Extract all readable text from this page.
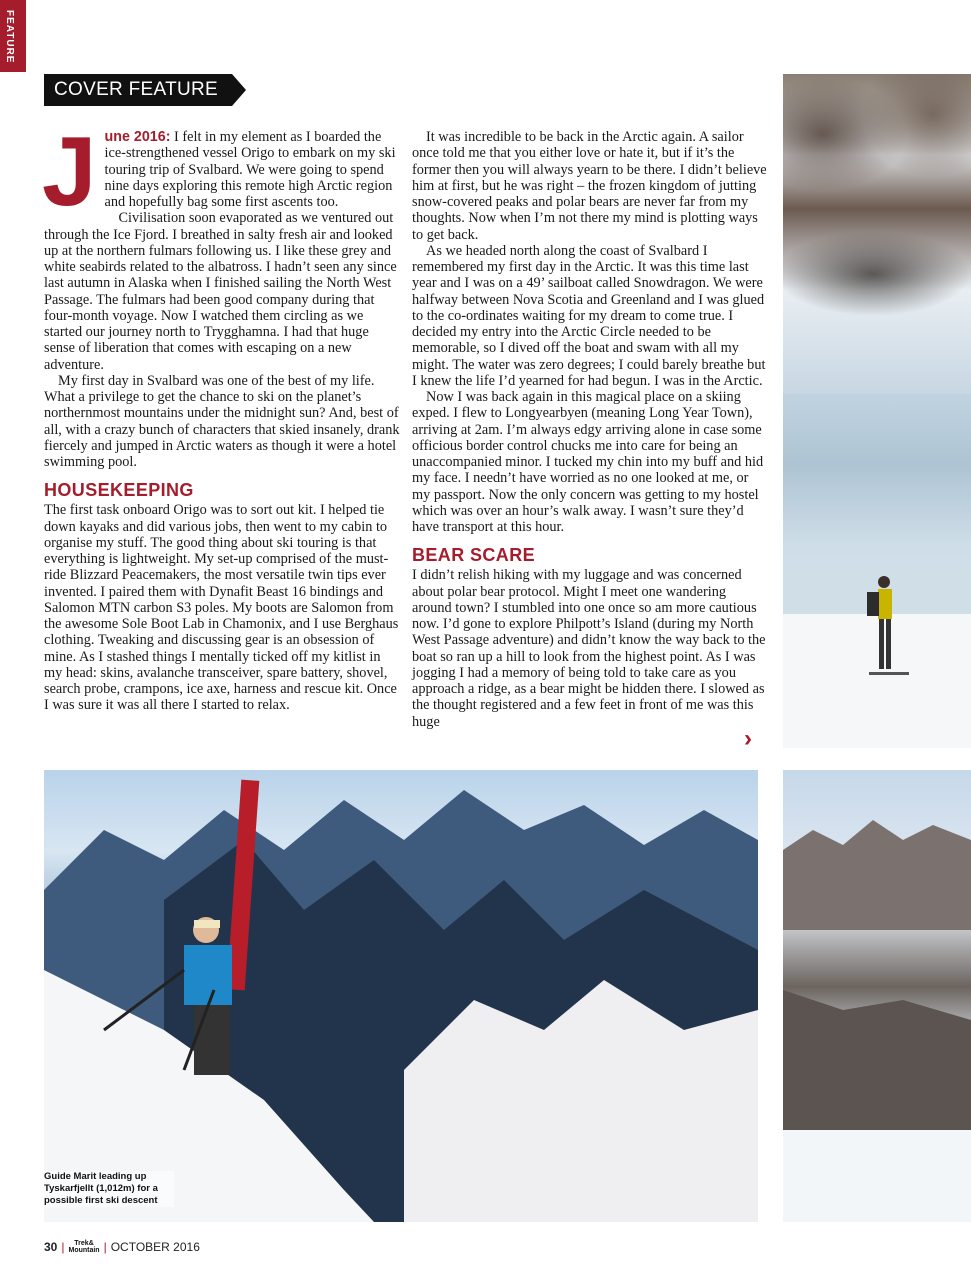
FEATURE
COVER FEATURE

June 2016: I felt in my element as I boarded the ice-strengthened vessel Origo to embark on my ski touring trip of Svalbard. We were going to spend nine days exploring this remote high Arctic region and hopefully bag some first ascents too.

Civilisation soon evaporated as we ventured out through the Ice Fjord. I breathed in salty fresh air and looked up at the northern fulmars following us. I like these grey and white seabirds related to the albatross. I hadn’t seen any since last autumn in Alaska when I finished sailing the North West Passage. The fulmars had been good company during that four-month voyage. Now I watched them circling as we started our journey north to Trygghamna. I had that huge sense of liberation that comes with escaping on a new adventure.

My first day in Svalbard was one of the best of my life. What a privilege to get the chance to ski on the planet’s northernmost mountains under the midnight sun? And, best of all, with a crazy bunch of characters that skied insanely, drank fiercely and jumped in Arctic waters as though it were a hotel swimming pool.

HOUSEKEEPING

The first task onboard Origo was to sort out kit. I helped tie down kayaks and did various jobs, then went to my cabin to organise my stuff. The good thing about ski touring is that everything is lightweight. My set-up comprised of the must-ride Blizzard Peacemakers, the most versatile twin tips ever invented. I paired them with Dynafit Beast 16 bindings and Salomon MTN carbon S3 poles. My boots are Salomon from the awesome Sole Boot Lab in Chamonix, and I use Berghaus clothing. Tweaking and discussing gear is an obsession of mine. As I stashed things I mentally ticked off my kitlist in my head: skins, avalanche transceiver, spare battery, shovel, search probe, crampons, ice axe, harness and rescue kit. Once I was sure it was all there I started to relax.

It was incredible to be back in the Arctic again. A sailor once told me that you either love or hate it, but if it’s the former then you will always yearn to be there. I didn’t believe him at first, but he was right – the frozen kingdom of jutting snow-covered peaks and polar bears are never far from my thoughts. Now when I’m not there my mind is plotting ways to get back.

As we headed north along the coast of Svalbard I remembered my first day in the Arctic. It was this time last year and I was on a 49’ sailboat called Snowdragon. We were halfway between Nova Scotia and Greenland and I was glued to the co-ordinates waiting for my dream to come true. I decided my entry into the Arctic Circle needed to be memorable, so I dived off the boat and swam with all my might. The water was zero degrees; I could barely breathe but I knew the life I’d yearned for had begun. I was in the Arctic.

Now I was back again in this magical place on a skiing exped. I flew to Longyearbyen (meaning Long Year Town), arriving at 2am. I’m always edgy arriving alone in case some officious border control chucks me into care for being an unaccompanied minor. I tucked my chin into my buff and hid my face. I needn’t have worried as no one looked at me, or my passport. Now the only concern was getting to my hostel which was over an hour’s walk away. I wasn’t sure they’d have transport at this hour.

BEAR SCARE

I didn’t relish hiking with my luggage and was concerned about polar bear protocol. Might I meet one wandering around town? I stumbled into one once so am more cautious now. I’d gone to explore Philpott’s Island (during my North West Passage adventure) and didn’t know the way back to the boat so ran up a hill to look from the highest point. As I was jogging I had a memory of being told to take care as you approach a ridge, as a bear might be hidden there. I slowed as the thought registered and a few feet in front of me was this huge

›
Guide Marit leading up Tyskarfjellt (1,012m) for a possible first ski descent
30 |	Trek&
Mountain | OCTOBER 2016
